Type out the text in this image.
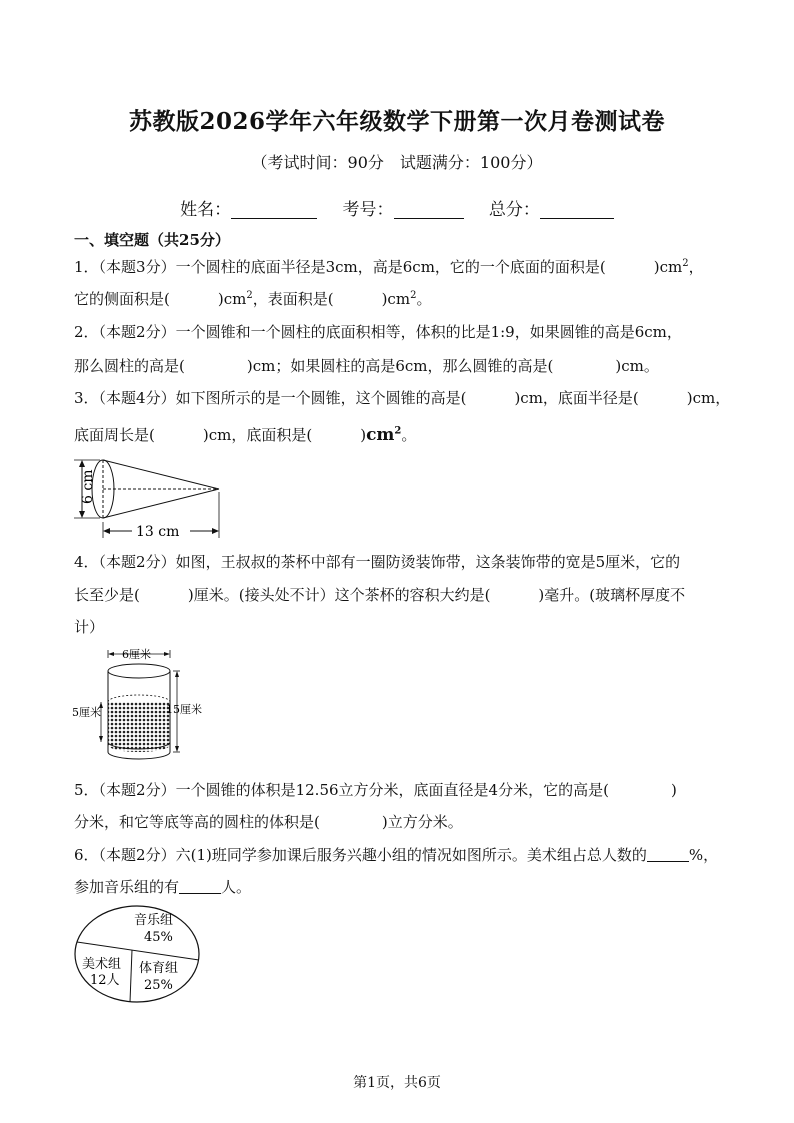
苏教版2026学年六年级数学下册第一次月卷测试卷
（考试时间：90分　试题满分：100分）
姓名：	考号：	总分：
一、填空题（共25分）
1．（本题3分）一个圆柱的底面半径是3cm，高是6cm，它的一个底面的面积是(	)$cm^2$，
它的侧面积是(	)$cm^2$，表面积是(	)$cm^2$。
2．（本题2分）一个圆锥和一个圆柱的底面积相等，体积的比是1:9，如果圆锥的高是6cm，
那么圆柱的高是(	)cm；如果圆柱的高是6cm，那么圆锥的高是(	)cm。
3．（本题4分）如下图所示的是一个圆锥，这个圆锥的高是(	)cm，底面半径是(	)cm，
底面周长是(	)cm，底面积是(	)$cm^2$。
6 cm
13 cm
4．（本题2分）如图，王叔叔的茶杯中部有一圈防烫装饰带，这条装饰带的宽是5厘米，它的
长至少是(	)厘米。(接头处不计）这个茶杯的容积大约是(	)毫升。(玻璃杯厚度不
计）
6厘米
5厘米	15厘米
5．（本题2分）一个圆锥的体积是12.56立方分米，底面直径是4分米，它的高是(	)
分米，和它等底等高的圆柱的体积是(	)立方分米。
6．（本题2分）六(1)班同学参加课后服务兴趣小组的情况如图所示。美术组占总人数的	%，
参加音乐组的有	人。
音乐组
45%
美术组
12人
体育组
25%
第1页，共6页
